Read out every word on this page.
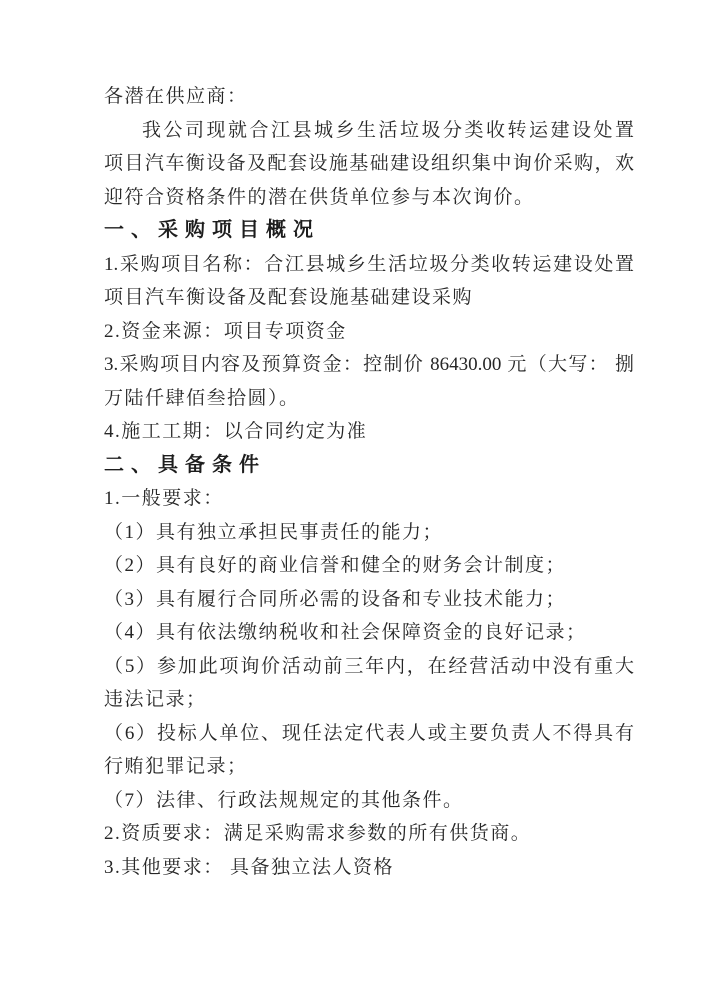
各潜在供应商：
我公司现就合江县城乡生活垃圾分类收转运建设处置
项目汽车衡设备及配套设施基础建设组织集中询价采购，欢
迎符合资格条件的潜在供货单位参与本次询价。
一、采购项目概况
1.采购项目名称：合江县城乡生活垃圾分类收转运建设处置
项目汽车衡设备及配套设施基础建设采购
2.资金来源：项目专项资金
3.采购项目内容及预算资金：控制价 86430.00 元（大写： 捌
万陆仟肆佰叁拾圆）。
4.施工工期：以合同约定为准
二、具备条件
1.一般要求：
（1）具有独立承担民事责任的能力；
（2）具有良好的商业信誉和健全的财务会计制度；
（3）具有履行合同所必需的设备和专业技术能力；
（4）具有依法缴纳税收和社会保障资金的良好记录；
（5）参加此项询价活动前三年内，在经营活动中没有重大
违法记录；
（6）投标人单位、现任法定代表人或主要负责人不得具有
行贿犯罪记录；
（7）法律、行政法规规定的其他条件。
2.资质要求：满足采购需求参数的所有供货商。
3.其他要求： 具备独立法人资格
